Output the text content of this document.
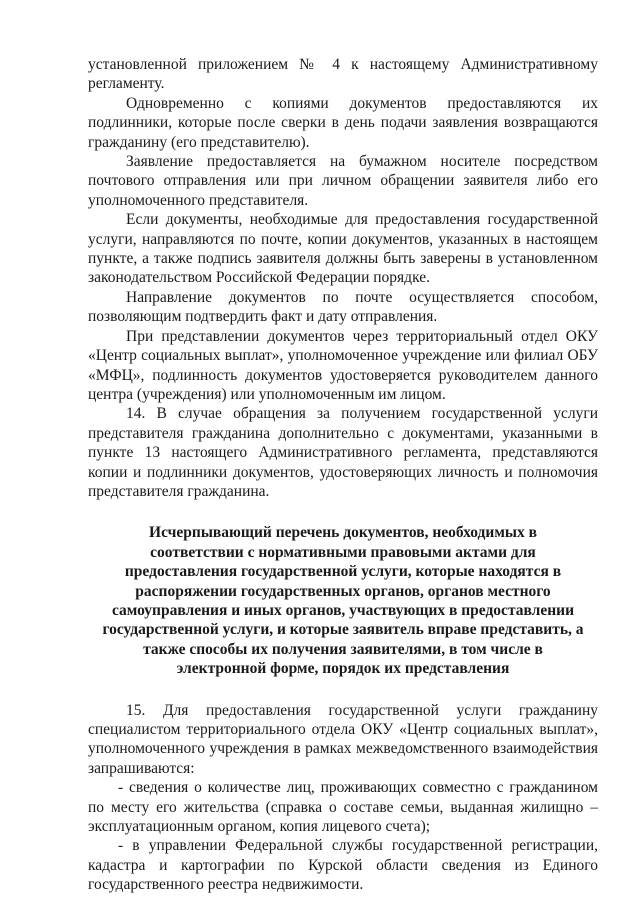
установленной приложением № 4 к настоящему Административному регламенту.

Одновременно с копиями документов предоставляются их подлинники, которые после сверки в день подачи заявления возвращаются гражданину (его представителю).

Заявление предоставляется на бумажном носителе посредством почтового отправления или при личном обращении заявителя либо его уполномоченного представителя.

Если документы, необходимые для предоставления государственной услуги, направляются по почте, копии документов, указанных в настоящем пункте, а также подпись заявителя должны быть заверены в установленном законодательством Российской Федерации порядке.

Направление документов по почте осуществляется способом, позволяющим подтвердить факт и дату отправления.

При представлении документов через территориальный отдел ОКУ «Центр социальных выплат», уполномоченное учреждение или филиал ОБУ «МФЦ», подлинность документов удостоверяется руководителем данного центра (учреждения) или уполномоченным им лицом.

14. В случае обращения за получением государственной услуги представителя гражданина дополнительно с документами, указанными в пункте 13 настоящего Административного регламента, представляются копии и подлинники документов, удостоверяющих личность и полномочия представителя гражданина.

Исчерпывающий перечень документов, необходимых в соответствии с нормативными правовыми актами для предоставления государственной услуги, которые находятся в распоряжении государственных органов, органов местного самоуправления и иных органов, участвующих в предоставлении государственной услуги, и которые заявитель вправе представить, а также способы их получения заявителями, в том числе в электронной форме, порядок их представления

15. Для предоставления государственной услуги гражданину специалистом территориального отдела ОКУ «Центр социальных выплат», уполномоченного учреждения в рамках межведомственного взаимодействия запрашиваются:

- сведения о количестве лиц, проживающих совместно с гражданином по месту его жительства (справка о составе семьи, выданная жилищно – эксплуатационным органом, копия лицевого счета);

- в управлении Федеральной службы государственной регистрации, кадастра и картографии по Курской области сведения из Единого государственного реестра недвижимости.
